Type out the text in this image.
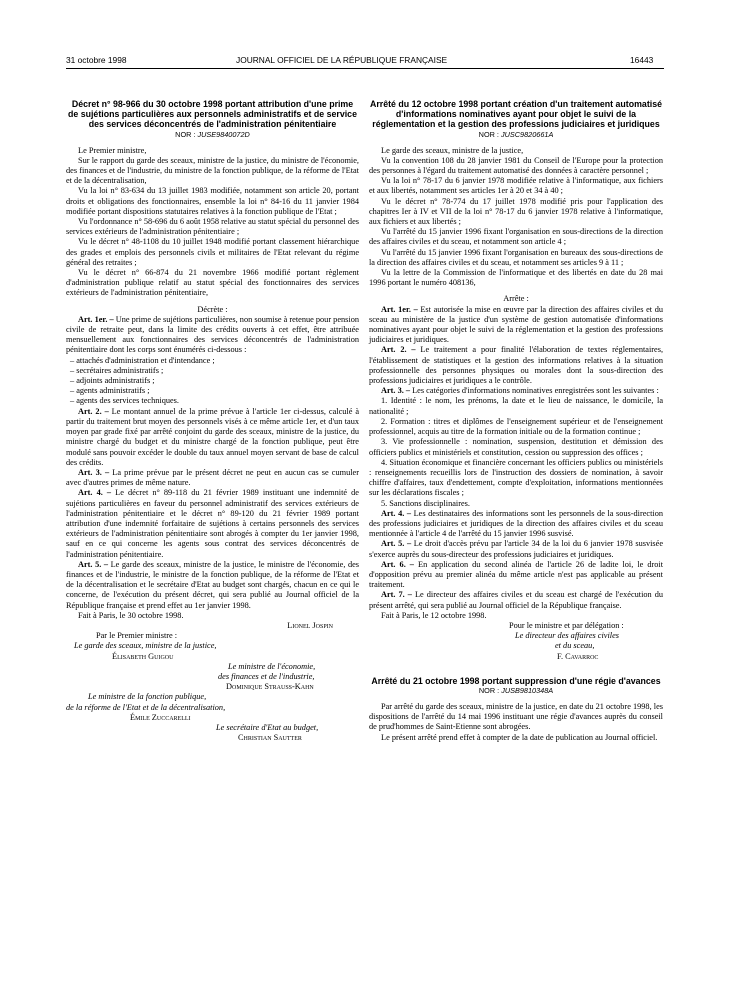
31 octobre 1998	JOURNAL OFFICIEL DE LA RÉPUBLIQUE FRANÇAISE	16443
Décret n° 98-966 du 30 octobre 1998 portant attribution d'une prime de sujétions particulières aux personnels administratifs et de service des services déconcentrés de l'administration pénitentiaire
NOR : JUSE9840072D

Le Premier ministre,

Sur le rapport du garde des sceaux, ministre de la justice, du ministre de l'économie, des finances et de l'industrie, du ministre de la fonction publique, de la réforme de l'Etat et de la décentralisation,

Vu la loi n° 83-634 du 13 juillet 1983 modifiée, notamment son article 20, portant droits et obligations des fonctionnaires, ensemble la loi n° 84-16 du 11 janvier 1984 modifiée portant dispositions statutaires relatives à la fonction publique de l'Etat ;

Vu l'ordonnance n° 58-696 du 6 août 1958 relative au statut spécial du personnel des services extérieurs de l'administration pénitentiaire ;

Vu le décret n° 48-1108 du 10 juillet 1948 modifié portant classement hiérarchique des grades et emplois des personnels civils et militaires de l'Etat relevant du régime général des retraites ;

Vu le décret n° 66-874 du 21 novembre 1966 modifié portant règlement d'administration publique relatif au statut spécial des fonctionnaires des services extérieurs de l'administration pénitentiaire,

Décrète :

Art. 1er. – Une prime de sujétions particulières, non soumise à retenue pour pension civile de retraite peut, dans la limite des crédits ouverts à cet effet, être attribuée mensuellement aux fonctionnaires des services déconcentrés de l'administration pénitentiaire dont les corps sont énumérés ci-dessous :

– attachés d'administration et d'intendance ;

– secrétaires administratifs ;

– adjoints administratifs ;

– agents administratifs ;

– agents des services techniques.

Art. 2. – Le montant annuel de la prime prévue à l'article 1er ci-dessus, calculé à partir du traitement brut moyen des personnels visés à ce même article 1er, et d'un taux moyen par grade fixé par arrêté conjoint du garde des sceaux, ministre de la justice, du ministre chargé du budget et du ministre chargé de la fonction publique, peut être modulé sans pouvoir excéder le double du taux annuel moyen servant de base de calcul des crédits.

Art. 3. – La prime prévue par le présent décret ne peut en aucun cas se cumuler avec d'autres primes de même nature.

Art. 4. – Le décret n° 89-118 du 21 février 1989 instituant une indemnité de sujétions particulières en faveur du personnel administratif des services extérieurs de l'administration pénitentiaire et le décret n° 89-120 du 21 février 1989 portant attribution d'une indemnité forfaitaire de sujétions à certains personnels des services extérieurs de l'administration pénitentiaire sont abrogés à compter du 1er janvier 1998, sauf en ce qui concerne les agents sous contrat des services déconcentrés de l'administration pénitentiaire.

Art. 5. – Le garde des sceaux, ministre de la justice, le ministre de l'économie, des finances et de l'industrie, le ministre de la fonction publique, de la réforme de l'Etat et de la décentralisation et le secrétaire d'Etat au budget sont chargés, chacun en ce qui le concerne, de l'exécution du présent décret, qui sera publié au Journal officiel de la République française et prend effet au 1er janvier 1998.

Fait à Paris, le 30 octobre 1998.

Lionel Jospin

Par le Premier ministre :

Le garde des sceaux, ministre de la justice,

Élisabeth Guigou

Le ministre de l'économie,

des finances et de l'industrie,

Dominique Strauss-Kahn

Le ministre de la fonction publique,

de la réforme de l'Etat et de la décentralisation,

Émile Zuccarelli

Le secrétaire d'Etat au budget,

Christian Sautter

Arrêté du 12 octobre 1998 portant création d'un traitement automatisé d'informations nominatives ayant pour objet le suivi de la réglementation et la gestion des professions judiciaires et juridiques
NOR : JUSC9820661A

Le garde des sceaux, ministre de la justice,

Vu la convention 108 du 28 janvier 1981 du Conseil de l'Europe pour la protection des personnes à l'égard du traitement automatisé des données à caractère personnel ;

Vu la loi n° 78-17 du 6 janvier 1978 modifiée relative à l'informatique, aux fichiers et aux libertés, notamment ses articles 1er à 20 et 34 à 40 ;

Vu le décret n° 78-774 du 17 juillet 1978 modifié pris pour l'application des chapitres Ier à IV et VII de la loi n° 78-17 du 6 janvier 1978 relative à l'informatique, aux fichiers et aux libertés ;

Vu l'arrêté du 15 janvier 1996 fixant l'organisation en sous-directions de la direction des affaires civiles et du sceau, et notamment son article 4 ;

Vu l'arrêté du 15 janvier 1996 fixant l'organisation en bureaux des sous-directions de la direction des affaires civiles et du sceau, et notamment ses articles 9 à 11 ;

Vu la lettre de la Commission de l'informatique et des libertés en date du 28 mai 1996 portant le numéro 408136,

Arrête :

Art. 1er. – Est autorisée la mise en œuvre par la direction des affaires civiles et du sceau au ministère de la justice d'un système de gestion automatisée d'informations nominatives ayant pour objet le suivi de la réglementation et la gestion des professions judiciaires et juridiques.

Art. 2. – Le traitement a pour finalité l'élaboration de textes réglementaires, l'établissement de statistiques et la gestion des informations relatives à la situation professionnelle des personnes physiques ou morales dont la sous-direction des professions judiciaires et juridiques a le contrôle.

Art. 3. – Les catégories d'informations nominatives enregistrées sont les suivantes :

1. Identité : le nom, les prénoms, la date et le lieu de naissance, le domicile, la nationalité ;

2. Formation : titres et diplômes de l'enseignement supérieur et de l'enseignement professionnel, acquis au titre de la formation initiale ou de la formation continue ;

3. Vie professionnelle : nomination, suspension, destitution et démission des officiers publics et ministériels et constitution, cession ou suppression des offices ;

4. Situation économique et financière concernant les officiers publics ou ministériels : renseignements recueillis lors de l'instruction des dossiers de nomination, à savoir chiffre d'affaires, taux d'endettement, compte d'exploitation, informations mentionnées sur les déclarations fiscales ;

5. Sanctions disciplinaires.

Art. 4. – Les destinataires des informations sont les personnels de la sous-direction des professions judiciaires et juridiques de la direction des affaires civiles et du sceau mentionnée à l'article 4 de l'arrêté du 15 janvier 1996 susvisé.

Art. 5. – Le droit d'accès prévu par l'article 34 de la loi du 6 janvier 1978 susvisée s'exerce auprès du sous-directeur des professions judiciaires et juridiques.

Art. 6. – En application du second alinéa de l'article 26 de ladite loi, le droit d'opposition prévu au premier alinéa du même article n'est pas applicable au présent traitement.

Art. 7. – Le directeur des affaires civiles et du sceau est chargé de l'exécution du présent arrêté, qui sera publié au Journal officiel de la République française.

Fait à Paris, le 12 octobre 1998.

Pour le ministre et par délégation :

Le directeur des affaires civiles

et du sceau,

F. Cavarroc

Arrêté du 21 octobre 1998 portant suppression d'une régie d'avances
NOR : JUSB9810348A

Par arrêté du garde des sceaux, ministre de la justice, en date du 21 octobre 1998, les dispositions de l'arrêté du 14 mai 1996 instituant une régie d'avances auprès du conseil de prud'hommes de Saint-Etienne sont abrogées.

Le présent arrêté prend effet à compter de la date de publication au Journal officiel.
